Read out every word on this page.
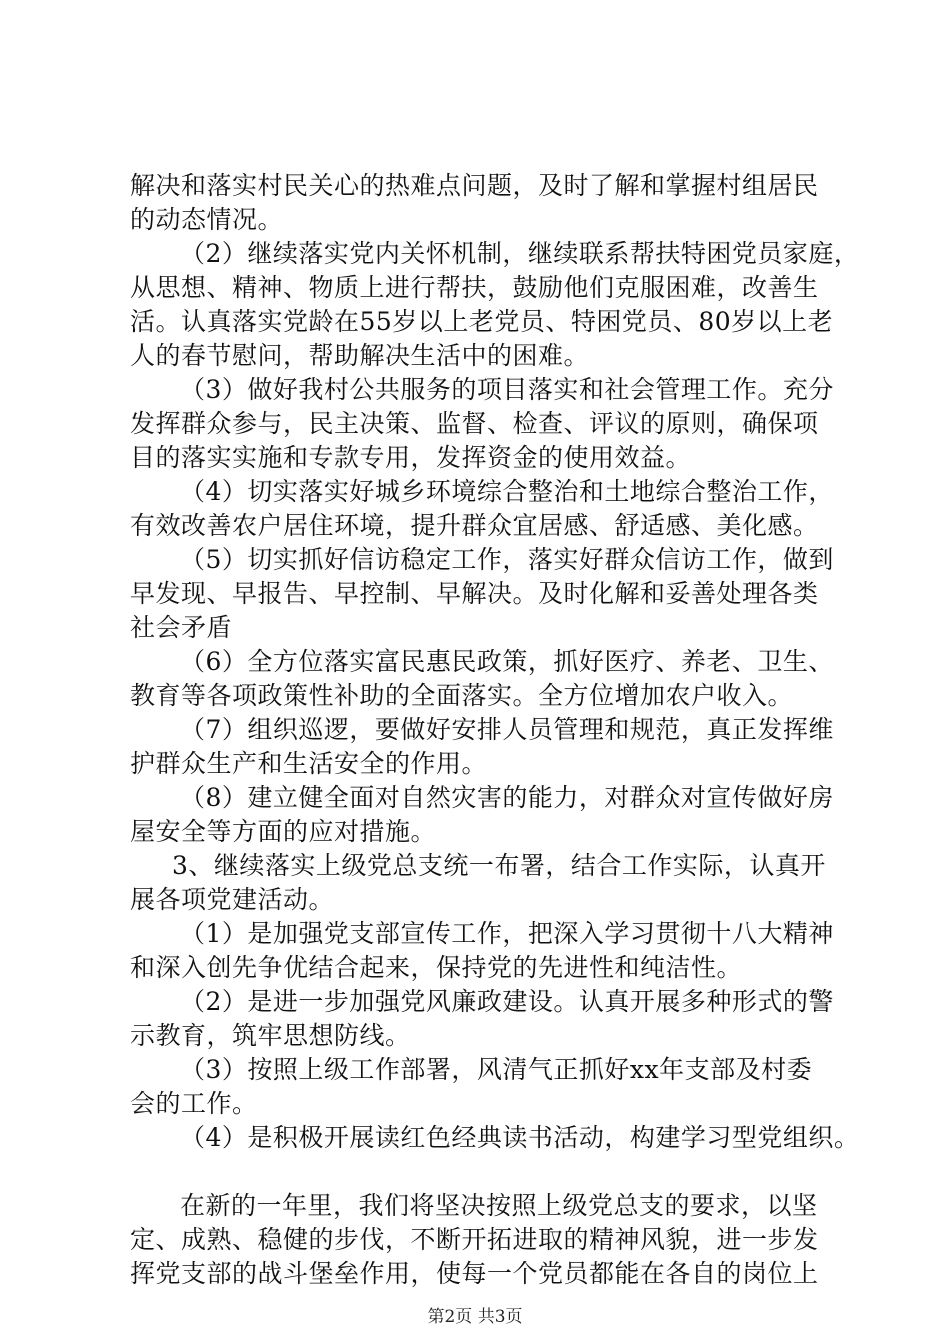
解决和落实村民关心的热难点问题，及时了解和掌握村组居民
的动态情况。
（2）继续落实党内关怀机制，继续联系帮扶特困党员家庭，
从思想、精神、物质上进行帮扶，鼓励他们克服困难，改善生
活。认真落实党龄在55岁以上老党员、特困党员、80岁以上老
人的春节慰问，帮助解决生活中的困难。
（3）做好我村公共服务的项目落实和社会管理工作。充分
发挥群众参与，民主决策、监督、检查、评议的原则，确保项
目的落实实施和专款专用，发挥资金的使用效益。
（4）切实落实好城乡环境综合整治和土地综合整治工作，
有效改善农户居住环境，提升群众宜居感、舒适感、美化感。
（5）切实抓好信访稳定工作，落实好群众信访工作，做到
早发现、早报告、早控制、早解决。及时化解和妥善处理各类
社会矛盾
（6）全方位落实富民惠民政策，抓好医疗、养老、卫生、
教育等各项政策性补助的全面落实。全方位增加农户收入。
（7）组织巡逻，要做好安排人员管理和规范，真正发挥维
护群众生产和生活安全的作用。
（8）建立健全面对自然灾害的能力，对群众对宣传做好房
屋安全等方面的应对措施。
3、继续落实上级党总支统一布署，结合工作实际，认真开
展各项党建活动。
（1）是加强党支部宣传工作，把深入学习贯彻十八大精神
和深入创先争优结合起来，保持党的先进性和纯洁性。
（2）是进一步加强党风廉政建设。认真开展多种形式的警
示教育，筑牢思想防线。
（3）按照上级工作部署，风清气正抓好xx年支部及村委
会的工作。
（4）是积极开展读红色经典读书活动，构建学习型党组织。
在新的一年里，我们将坚决按照上级党总支的要求，以坚
定、成熟、稳健的步伐，不断开拓进取的精神风貌，进一步发
挥党支部的战斗堡垒作用，使每一个党员都能在各自的岗位上
第2页 共3页
